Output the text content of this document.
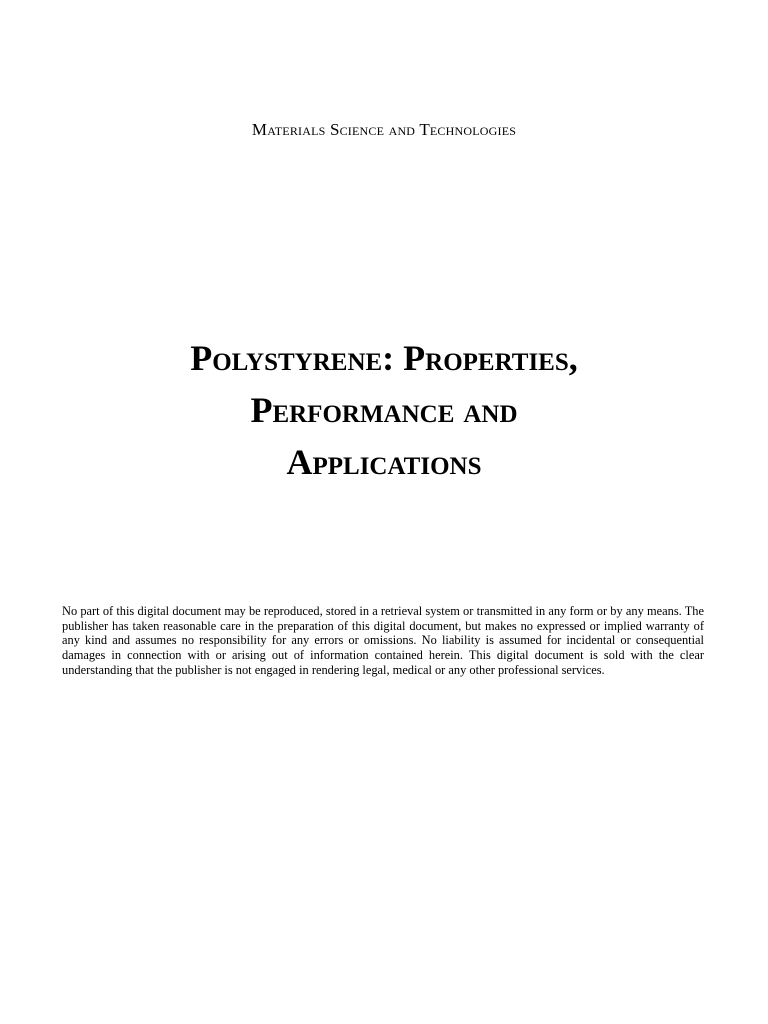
Materials Science and Technologies
Polystyrene: Properties,
Performance and
Applications

No part of this digital document may be reproduced, stored in a retrieval system or transmitted in any form or by any means. The publisher has taken reasonable care in the preparation of this digital document, but makes no expressed or implied warranty of any kind and assumes no responsibility for any errors or omissions. No liability is assumed for incidental or consequential damages in connection with or arising out of information contained herein. This digital document is sold with the clear understanding that the publisher is not engaged in rendering legal, medical or any other professional services.
